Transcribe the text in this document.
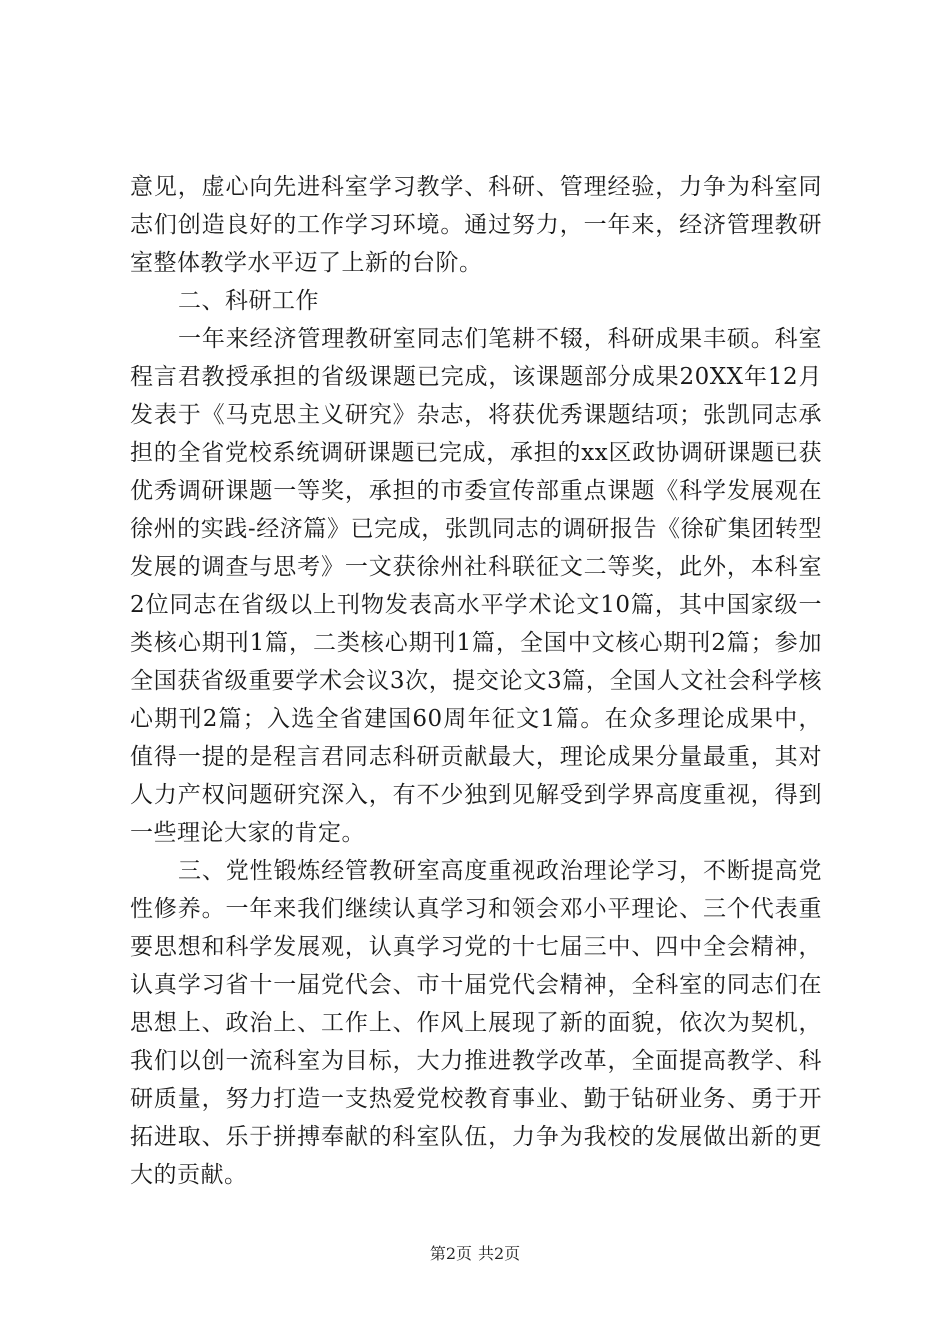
意见，虚心向先进科室学习教学、科研、管理经验，力争为科室同志们创造良好的工作学习环境。通过努力，一年来，经济管理教研室整体教学水平迈了上新的台阶。

二、科研工作

一年来经济管理教研室同志们笔耕不辍，科研成果丰硕。科室程言君教授承担的省级课题已完成，该课题部分成果20XX年12月发表于《马克思主义研究》杂志，将获优秀课题结项；张凯同志承担的全省党校系统调研课题已完成，承担的xx区政协调研课题已获优秀调研课题一等奖，承担的市委宣传部重点课题《科学发展观在徐州的实践-经济篇》已完成，张凯同志的调研报告《徐矿集团转型发展的调查与思考》一文获徐州社科联征文二等奖，此外，本科室2位同志在省级以上刊物发表高水平学术论文10篇，其中国家级一类核心期刊1篇，二类核心期刊1篇，全国中文核心期刊2篇；参加全国获省级重要学术会议3次，提交论文3篇，全国人文社会科学核心期刊2篇；入选全省建国60周年征文1篇。在众多理论成果中，值得一提的是程言君同志科研贡献最大，理论成果分量最重，其对人力产权问题研究深入，有不少独到见解受到学界高度重视，得到一些理论大家的肯定。

三、党性锻炼经管教研室高度重视政治理论学习，不断提高党性修养。一年来我们继续认真学习和领会邓小平理论、三个代表重要思想和科学发展观，认真学习党的十七届三中、四中全会精神，认真学习省十一届党代会、市十届党代会精神，全科室的同志们在思想上、政治上、工作上、作风上展现了新的面貌，依次为契机，我们以创一流科室为目标，大力推进教学改革，全面提高教学、科研质量，努力打造一支热爱党校教育事业、勤于钻研业务、勇于开拓进取、乐于拼搏奉献的科室队伍，力争为我校的发展做出新的更大的贡献。

第2页 共2页
